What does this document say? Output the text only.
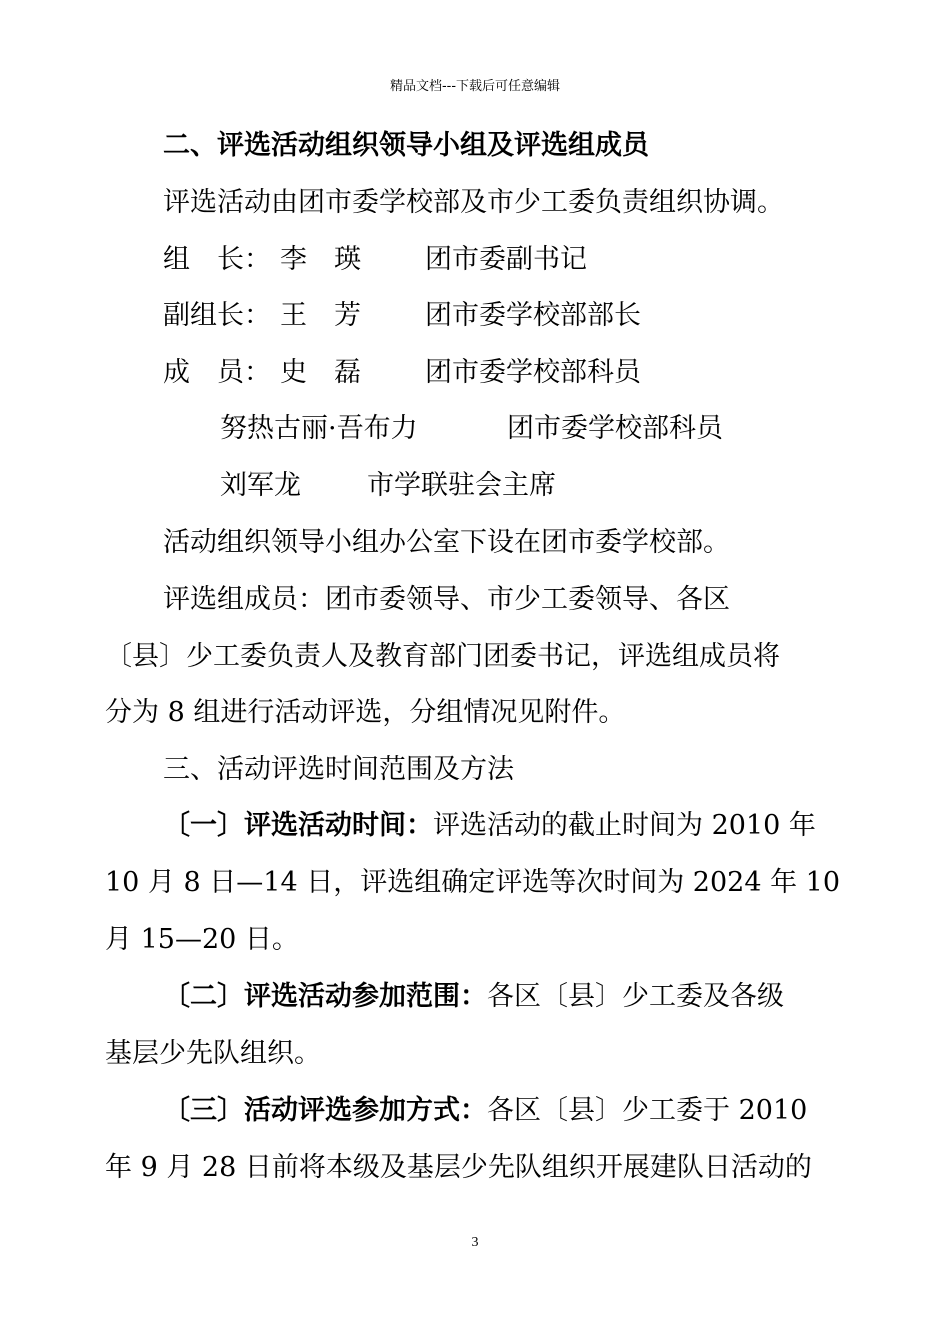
精品文档---下载后可任意编辑
二、评选活动组织领导小组及评选组成员
评选活动由团市委学校部及市少工委负责组织协调。
组　长： 李　瑛 团市委副书记
副组长： 王　芳 团市委学校部部长
成　员： 史　磊 团市委学校部科员
努热古丽·吾布力	团市委学校部科员
刘军龙 市学联驻会主席
活动组织领导小组办公室下设在团市委学校部。
评选组成员：团市委领导、市少工委领导、各区
〔县〕少工委负责人及教育部门团委书记，评选组成员将
分为 8 组进行活动评选，分组情况见附件。
三、活动评选时间范围及方法
〔一〕评选活动时间：评选活动的截止时间为 2010 年
10 月 8 日—14 日，评选组确定评选等次时间为 2024 年 10
月 15—20 日。
〔二〕评选活动参加范围：各区〔县〕少工委及各级
基层少先队组织。
〔三〕活动评选参加方式：各区〔县〕少工委于 2010
年 9 月 28 日前将本级及基层少先队组织开展建队日活动的
3
